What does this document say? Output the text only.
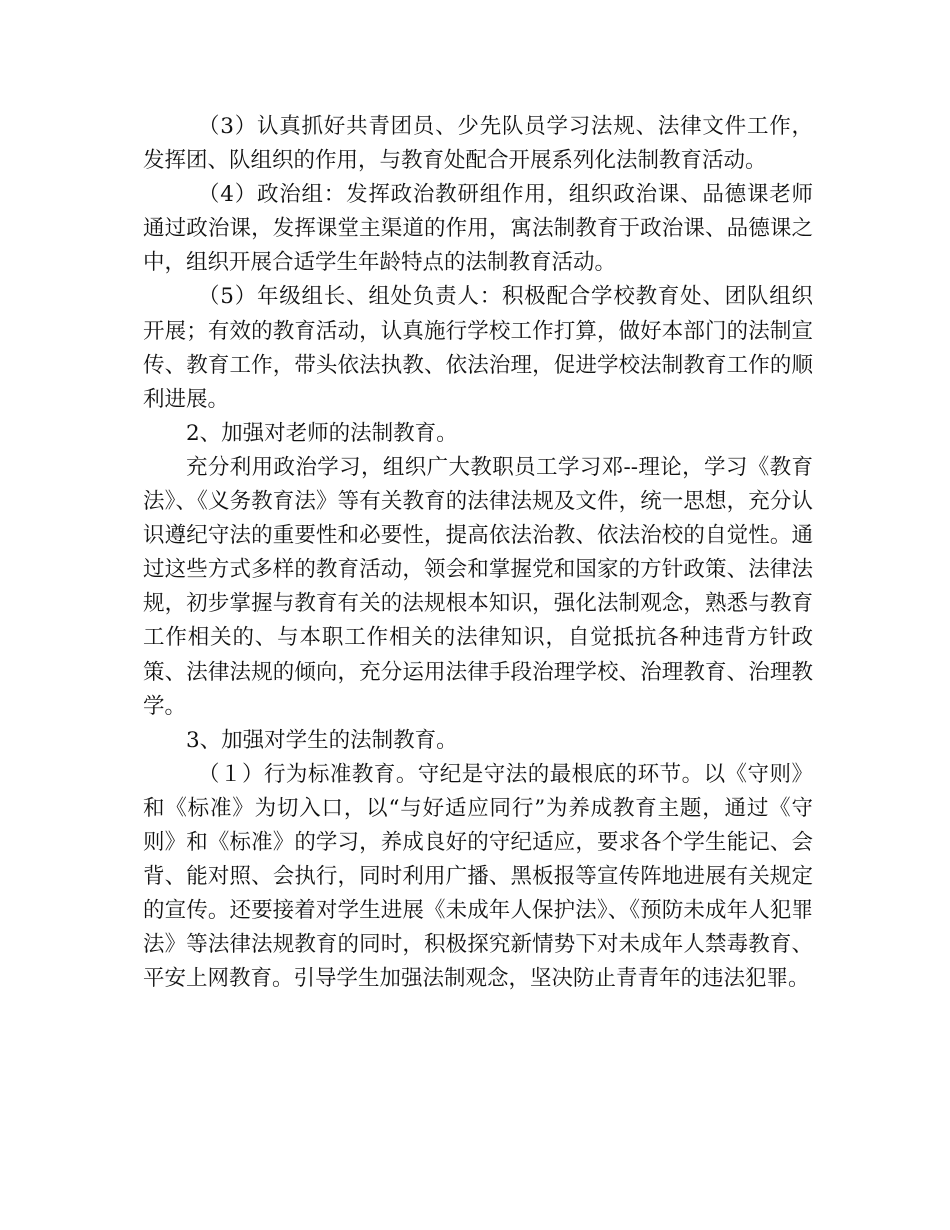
（3）认真抓好共青团员、少先队员学习法规、法律文件工作，发挥团、队组织的作用，与教育处配合开展系列化法制教育活动。

（4）政治组：发挥政治教研组作用，组织政治课、品德课老师通过政治课，发挥课堂主渠道的作用，寓法制教育于政治课、品德课之中，组织开展合适学生年龄特点的法制教育活动。

（5）年级组长、组处负责人：积极配合学校教育处、团队组织开展；有效的教育活动，认真施行学校工作打算，做好本部门的法制宣传、教育工作，带头依法执教、依法治理，促进学校法制教育工作的顺利进展。

2、加强对老师的法制教育。

充分利用政治学习，组织广大教职员工学习邓--理论，学习《教育法》、《义务教育法》等有关教育的法律法规及文件，统一思想，充分认识遵纪守法的重要性和必要性，提高依法治教、依法治校的自觉性。通过这些方式多样的教育活动，领会和掌握党和国家的方针政策、法律法规，初步掌握与教育有关的法规根本知识，强化法制观念，熟悉与教育工作相关的、与本职工作相关的法律知识，自觉抵抗各种违背方针政策、法律法规的倾向，充分运用法律手段治理学校、治理教育、治理教学。

3、加强对学生的法制教育。

（１）行为标准教育。守纪是守法的最根底的环节。以《守则》和《标准》为切入口，以“与好适应同行”为养成教育主题，通过《守则》和《标准》的学习，养成良好的守纪适应，要求各个学生能记、会背、能对照、会执行，同时利用广播、黑板报等宣传阵地进展有关规定的宣传。还要接着对学生进展《未成年人保护法》、《预防未成年人犯罪法》等法律法规教育的同时，积极探究新情势下对未成年人禁毒教育、平安上网教育。引导学生加强法制观念，坚决防止青青年的违法犯罪。
